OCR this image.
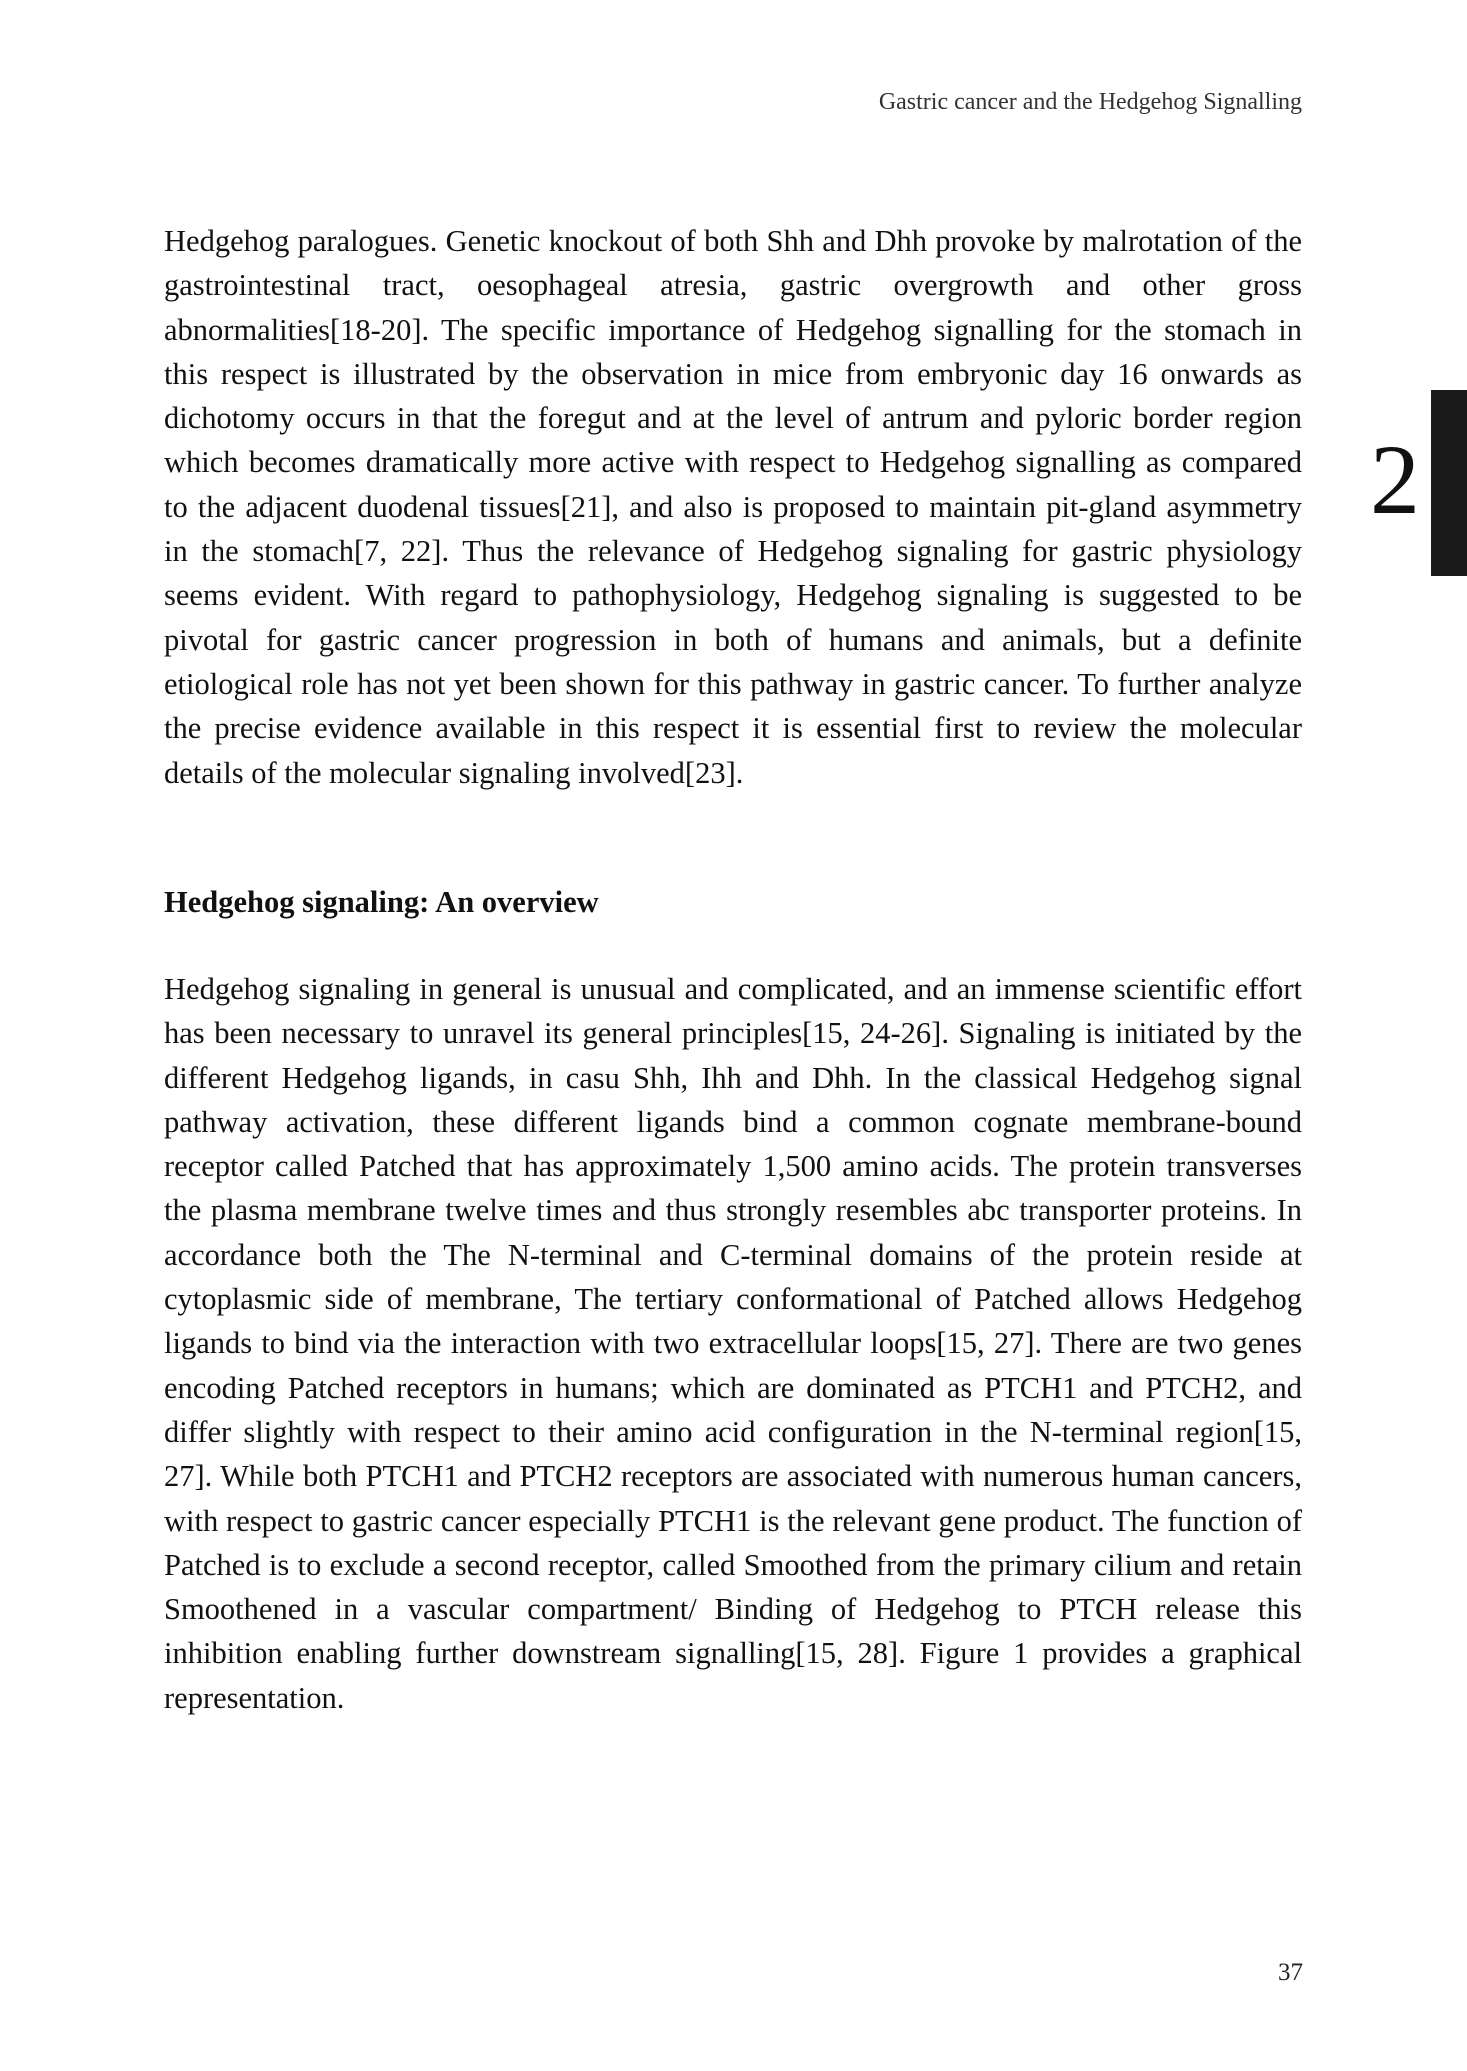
Gastric cancer and the Hedgehog Signalling
2

Hedgehog paralogues. Genetic knockout of both Shh and Dhh provoke by malrotation of the gastrointestinal tract, oesophageal atresia, gastric overgrowth and other gross abnormalities[18-20]. The specific importance of Hedgehog signalling for the stomach in this respect is illustrated by the observation in mice from embryonic day 16 onwards as dichotomy occurs in that the foregut and at the level of antrum and pyloric border region which becomes dramatically more active with respect to Hedgehog signalling as compared to the adjacent duodenal tissues[21], and also is proposed to maintain pit-gland asymmetry in the stomach[7, 22]. Thus the relevance of Hedgehog signaling for gastric physiology seems evident. With regard to pathophysiology, Hedgehog signaling is suggested to be pivotal for gastric cancer progression in both of humans and animals, but a definite etiological role has not yet been shown for this pathway in gastric cancer. To further analyze the precise evidence available in this respect it is essential first to review the molecular details of the molecular signaling involved[23].

Hedgehog signaling: An overview

Hedgehog signaling in general is unusual and complicated, and an immense scientific effort has been necessary to unravel its general principles[15, 24-26]. Signaling is initiated by the different Hedgehog ligands, in casu Shh, Ihh and Dhh. In the classical Hedgehog signal pathway activation, these different ligands bind a common cognate membrane-bound receptor called Patched that has approximately 1,500 amino acids. The protein transverses the plasma membrane twelve times and thus strongly resembles abc transporter proteins. In accordance both the The N-terminal and C-terminal domains of the protein reside at cytoplasmic side of membrane, The tertiary conformational of Patched allows Hedgehog ligands to bind via the interaction with two extracellular loops[15, 27]. There are two genes encoding Patched receptors in humans; which are dominated as PTCH1 and PTCH2, and differ slightly with respect to their amino acid configuration in the N-terminal region[15, 27]. While both PTCH1 and PTCH2 receptors are associated with numerous human cancers, with respect to gastric cancer especially PTCH1 is the relevant gene product. The function of Patched is to exclude a second receptor, called Smoothed from the primary cilium and retain Smoothened in a vascular compartment/ Binding of Hedgehog to PTCH release this inhibition enabling further downstream signalling[15, 28]. Figure 1 provides a graphical representation.

37
